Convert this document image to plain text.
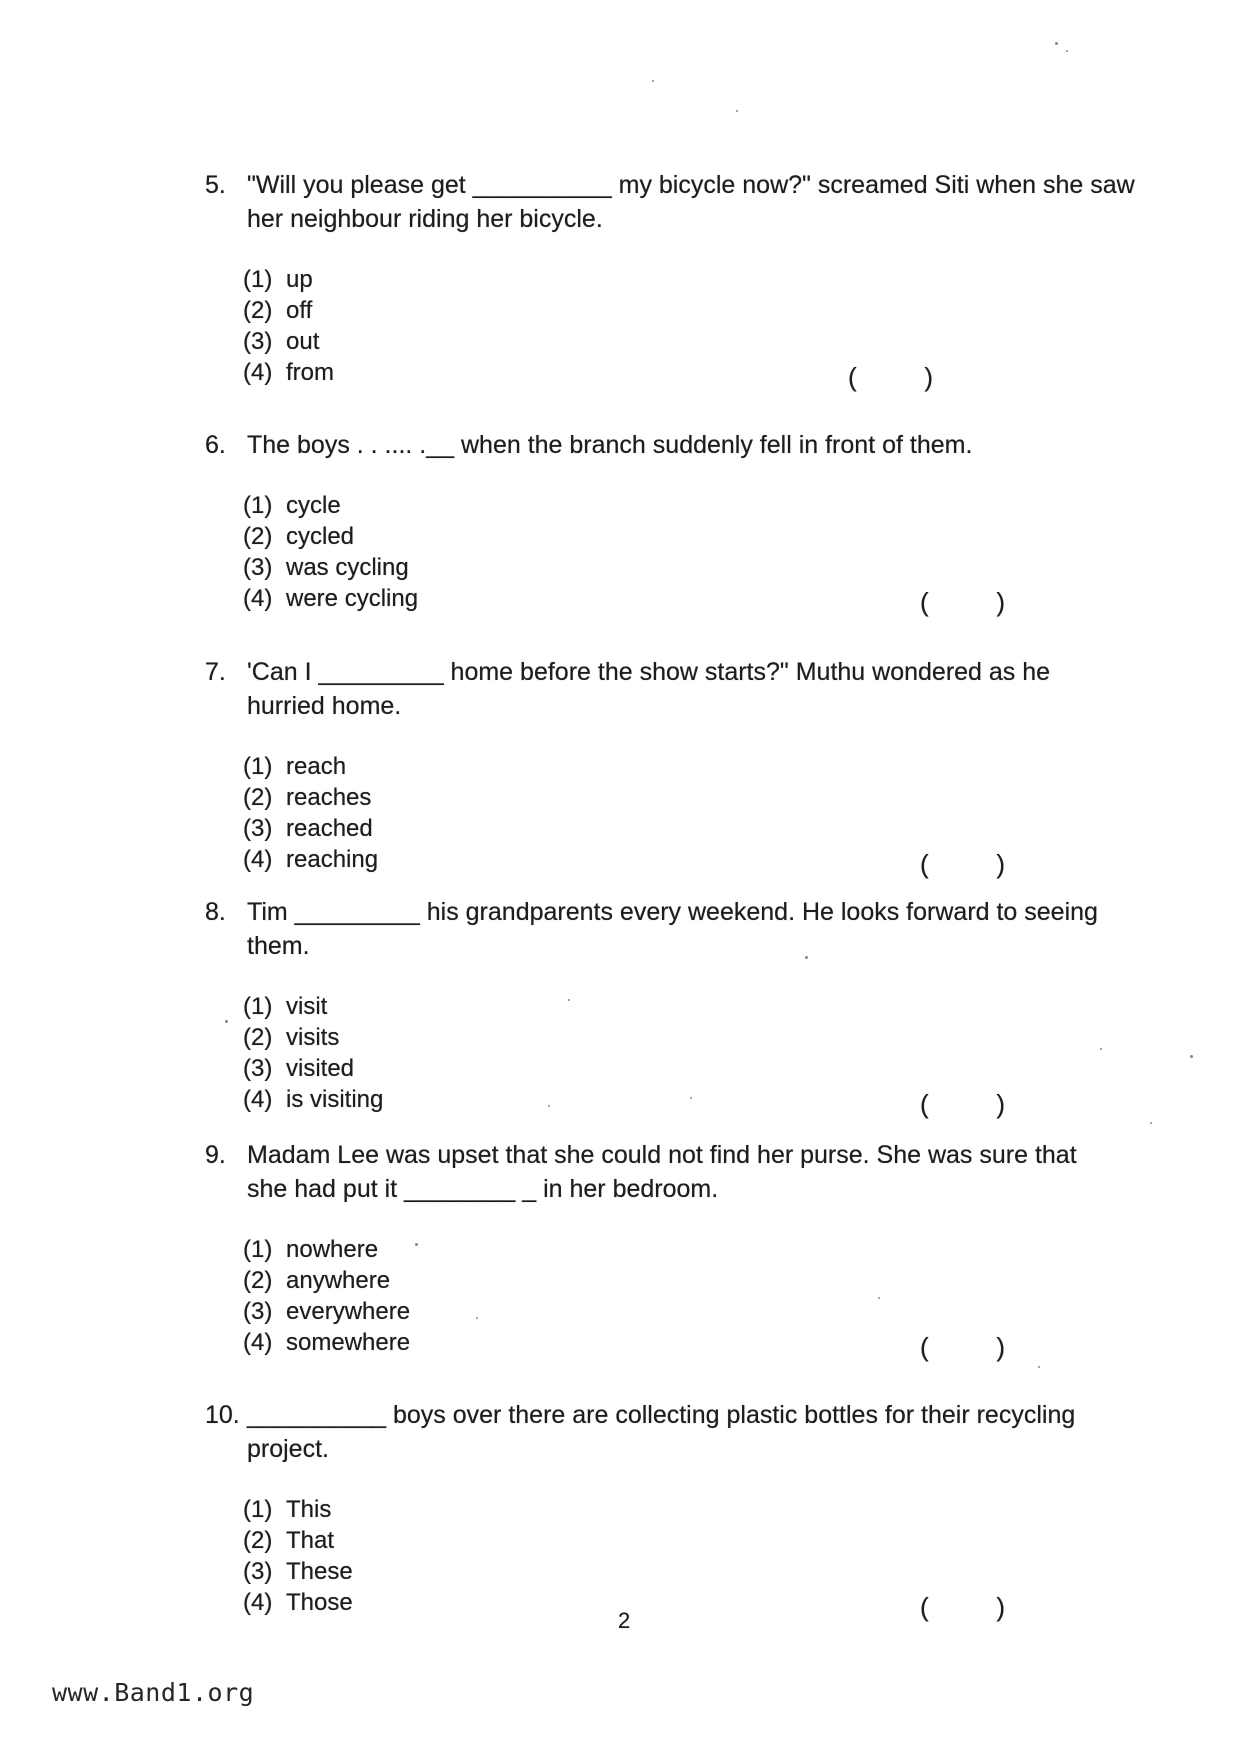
5. "Will you please get __________ my bicycle now?" screamed Siti when she saw
her neighbour riding her bicycle.
(1) up
(2) off
(3) out
(4) from	(	)
6. The boys . . .... .__ when the branch suddenly fell in front of them.
(1) cycle
(2) cycled
(3) was cycling
(4) were cycling	(	)
7. 'Can I _________ home before the show starts?" Muthu wondered as he
hurried home.
(1) reach
(2) reaches
(3) reached
(4) reaching	(	)
8. Tim _________ his grandparents every weekend. He looks forward to seeing
them.
(1) visit
(2) visits
(3) visited
(4) is visiting	(	)
9. Madam Lee was upset that she could not find her purse. She was sure that
she had put it ________ _ in her bedroom.
(1) nowhere
(2) anywhere
(3) everywhere
(4) somewhere	(	)
10. __________ boys over there are collecting plastic bottles for their recycling
project.
(1) This
(2) That
(3) These
(4) Those	(	)
2
www.Band1.org
